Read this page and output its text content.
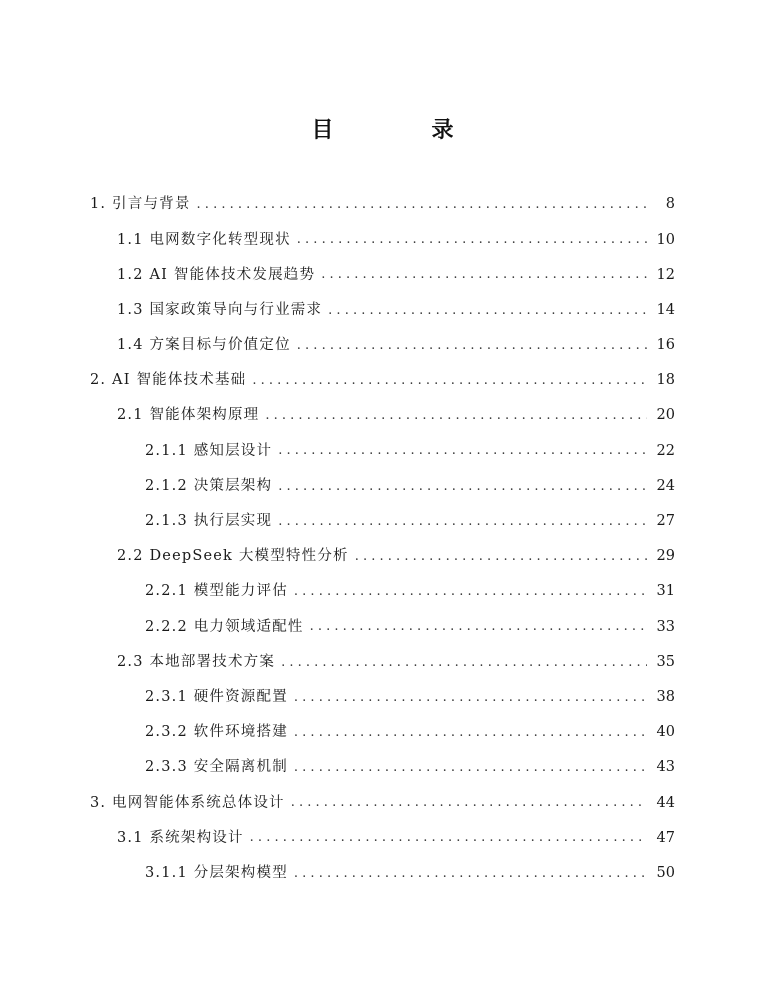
目　录
1. 引言与背景 . . .	8
1.1 电网数字化转型现状 . . .	10
1.2 AI 智能体技术发展趋势 . . .	12
1.3 国家政策导向与行业需求 . . .	14
1.4 方案目标与价值定位 . . .	16
2. AI 智能体技术基础 . . .	18
2.1 智能体架构原理 . . .	20
2.1.1 感知层设计 . . .	22
2.1.2 决策层架构 . . .	24
2.1.3 执行层实现 . . .	27
2.2 DeepSeek 大模型特性分析 . . .	29
2.2.1 模型能力评估 . . .	31
2.2.2 电力领域适配性 . . .	33
2.3 本地部署技术方案 . . .	35
2.3.1 硬件资源配置 . . .	38
2.3.2 软件环境搭建 . . .	40
2.3.3 安全隔离机制 . . .	43
3. 电网智能体系统总体设计 . . .	44
3.1 系统架构设计 . . .	47
3.1.1 分层架构模型 . . .	50
